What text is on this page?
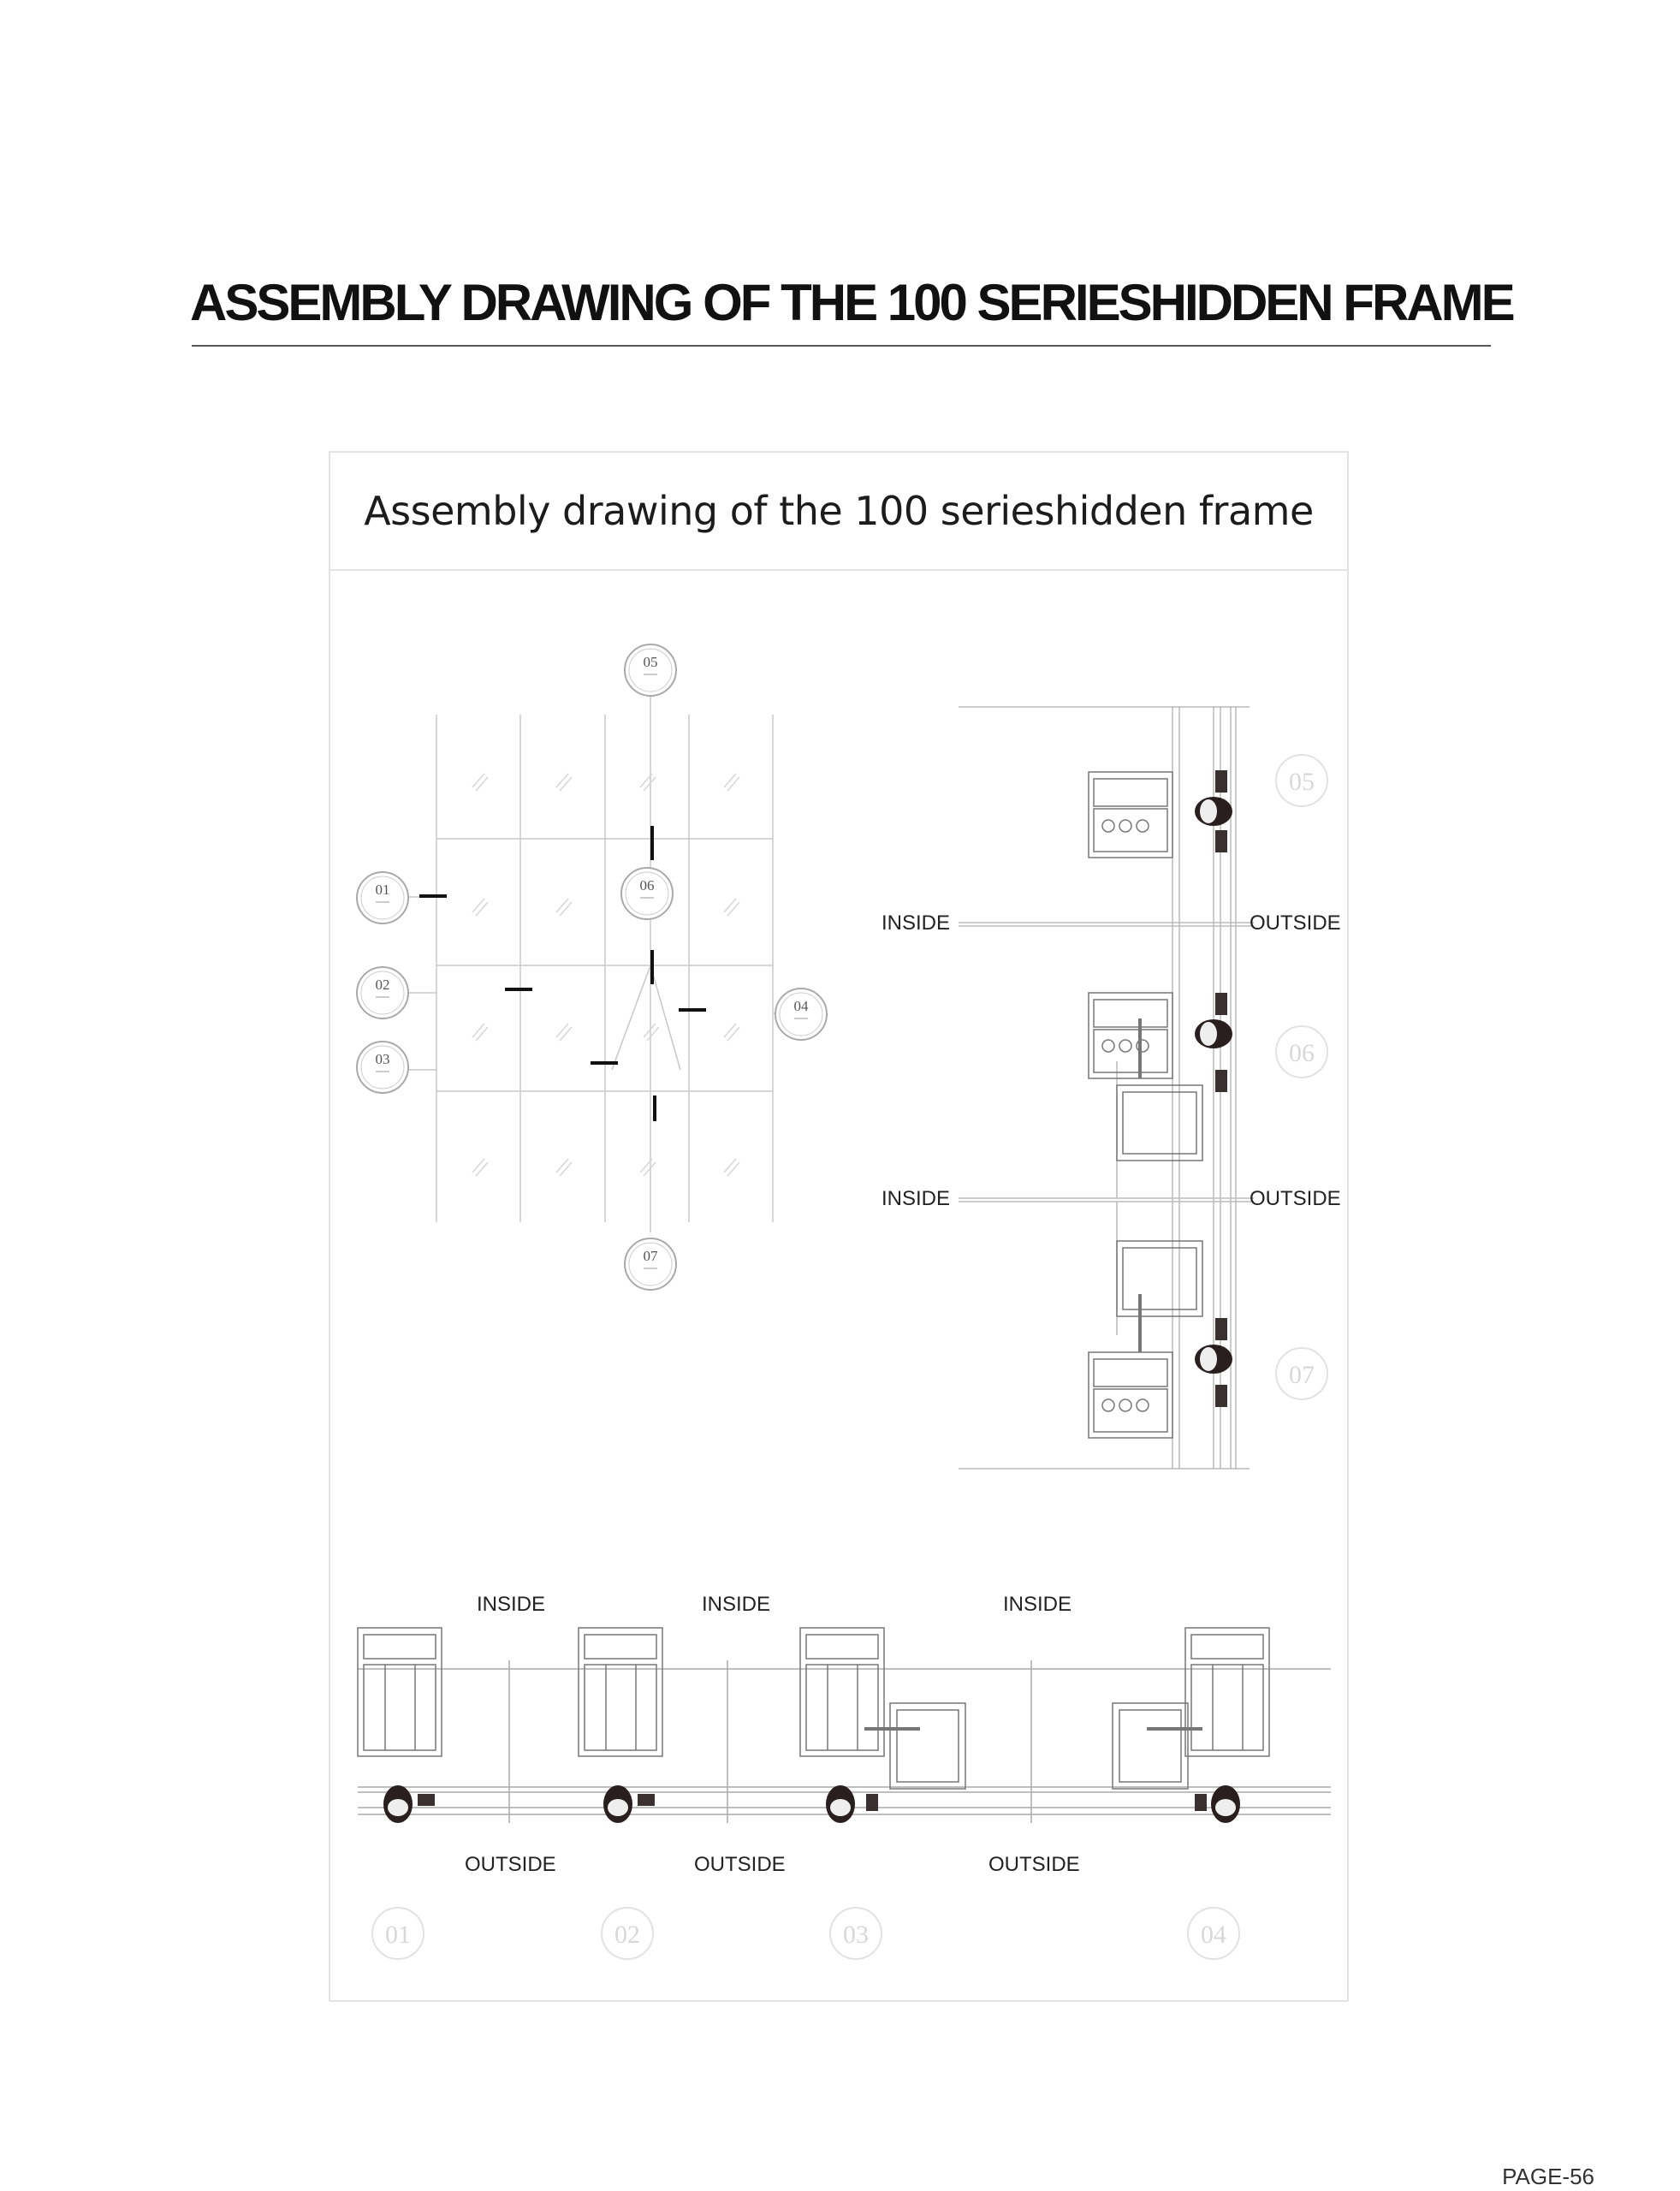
ASSEMBLY DRAWING OF THE 100 SERIESHIDDEN FRAME
Assembly drawing of the 100 serieshidden frame
05
06
07
01
02
03
04
INSIDE	OUTSIDE
INSIDE	OUTSIDE
05
06
07
INSIDE	INSIDE	INSIDE
OUTSIDE	OUTSIDE	OUTSIDE
01	02	03	04
PAGE-56
